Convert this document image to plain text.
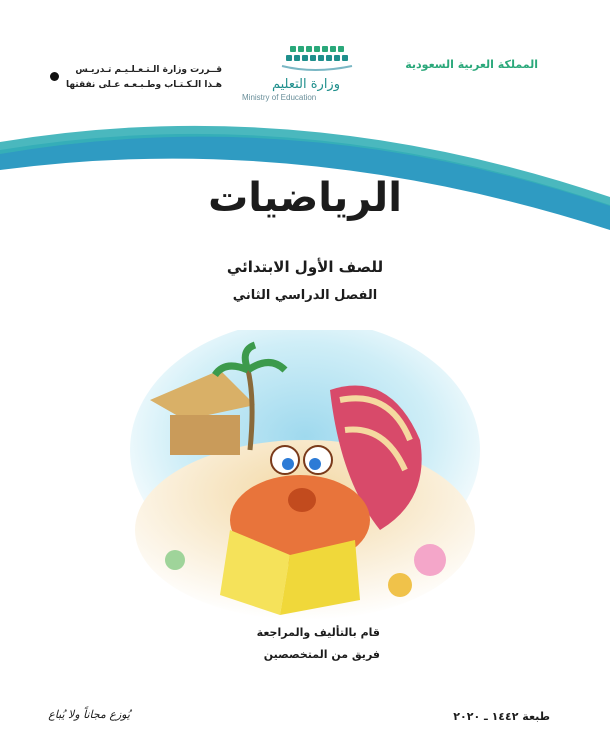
المملكة العربية السعودية
وزارة التعليم
Ministry of Education
قــررت وزارة الـتـعـلـيـم تـدريـس
هـذا الـكـتـاب وطـبـعـه عـلى نفقتها
الرياضيات
للصف الأول الابتدائي
الفصل الدراسي الثاني
قام بالتأليف والمراجعة
فريق من المتخصصين
طبعة ١٤٤٢ ـ ٢٠٢٠
يُوزع مجاناً ولا يُباع
